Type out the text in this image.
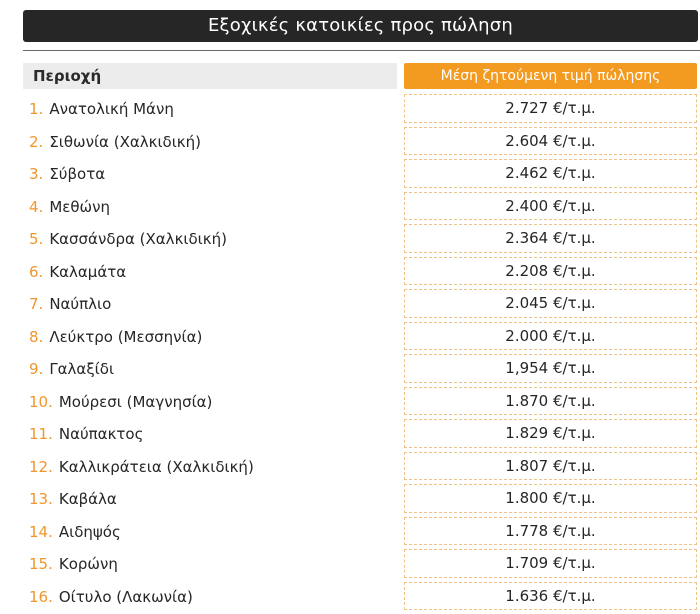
Εξοχικές κατοικίες προς πώληση
Περιοχή	Μέση ζητούμενη τιμή πώλησης
1. Ανατολική Μάνη	2.727 €/τ.μ.
2. Σιθωνία (Χαλκιδική)	2.604 €/τ.μ.
3. Σύβοτα	2.462 €/τ.μ.
4. Μεθώνη	2.400 €/τ.μ.
5. Κασσάνδρα (Χαλκιδική)	2.364 €/τ.μ.
6. Καλαμάτα	2.208 €/τ.μ.
7. Ναύπλιο	2.045 €/τ.μ.
8. Λεύκτρο (Μεσσηνία)	2.000 €/τ.μ.
9. Γαλαξίδι	1,954 €/τ.μ.
10. Μούρεσι (Μαγνησία)	1.870 €/τ.μ.
11. Ναύπακτος	1.829 €/τ.μ.
12. Καλλικράτεια (Χαλκιδική)	1.807 €/τ.μ.
13. Καβάλα	1.800 €/τ.μ.
14. Αιδηψός	1.778 €/τ.μ.
15. Κορώνη	1.709 €/τ.μ.
16. Οίτυλο (Λακωνία)	1.636 €/τ.μ.
